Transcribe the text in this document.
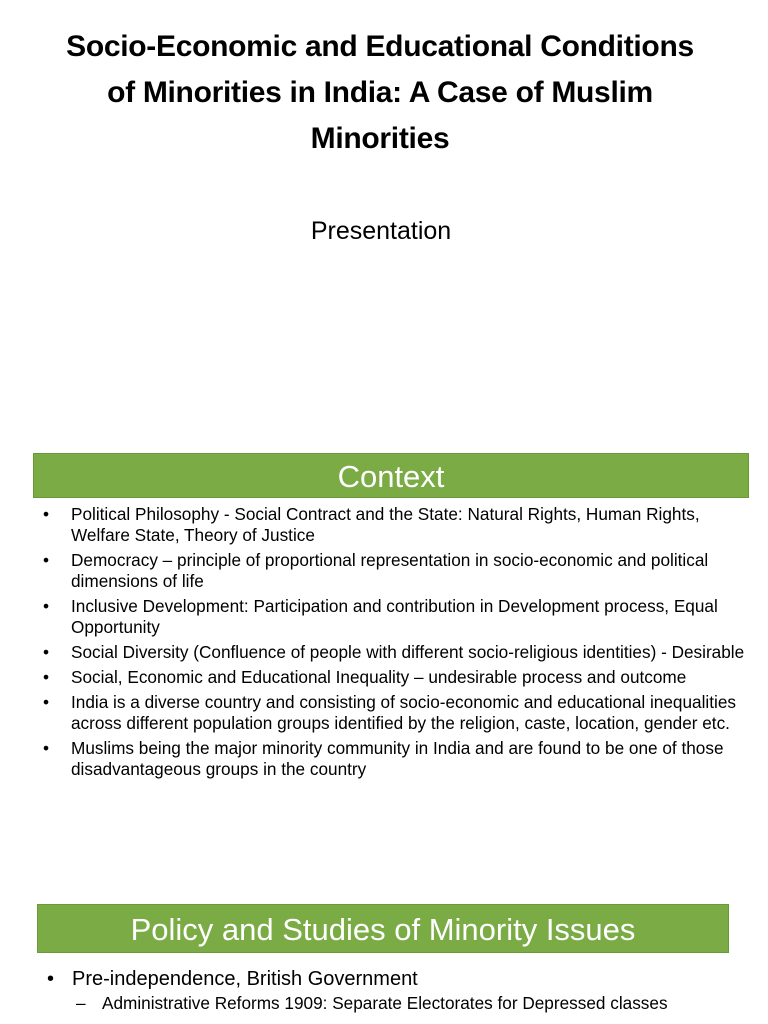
Socio-Economic and Educational Conditions of Minorities in India: A Case of Muslim Minorities
Presentation
Context
• Political Philosophy - Social Contract and the State: Natural Rights, Human Rights, Welfare State, Theory of Justice
• Democracy – principle of proportional representation in socio-economic and political dimensions of life
• Inclusive Development: Participation and contribution in Development process, Equal Opportunity
• Social Diversity (Confluence of people with different socio-religious identities) - Desirable
• Social, Economic and Educational Inequality – undesirable process and outcome
• India is a diverse country and consisting of socio-economic and educational inequalities across different population groups identified by the religion, caste, location, gender etc.
• Muslims being the major minority community in India and are found to be one of those disadvantageous groups in the country
Policy and Studies of Minority Issues
• Pre-independence, British Government
– Administrative Reforms 1909: Separate Electorates for Depressed classes
